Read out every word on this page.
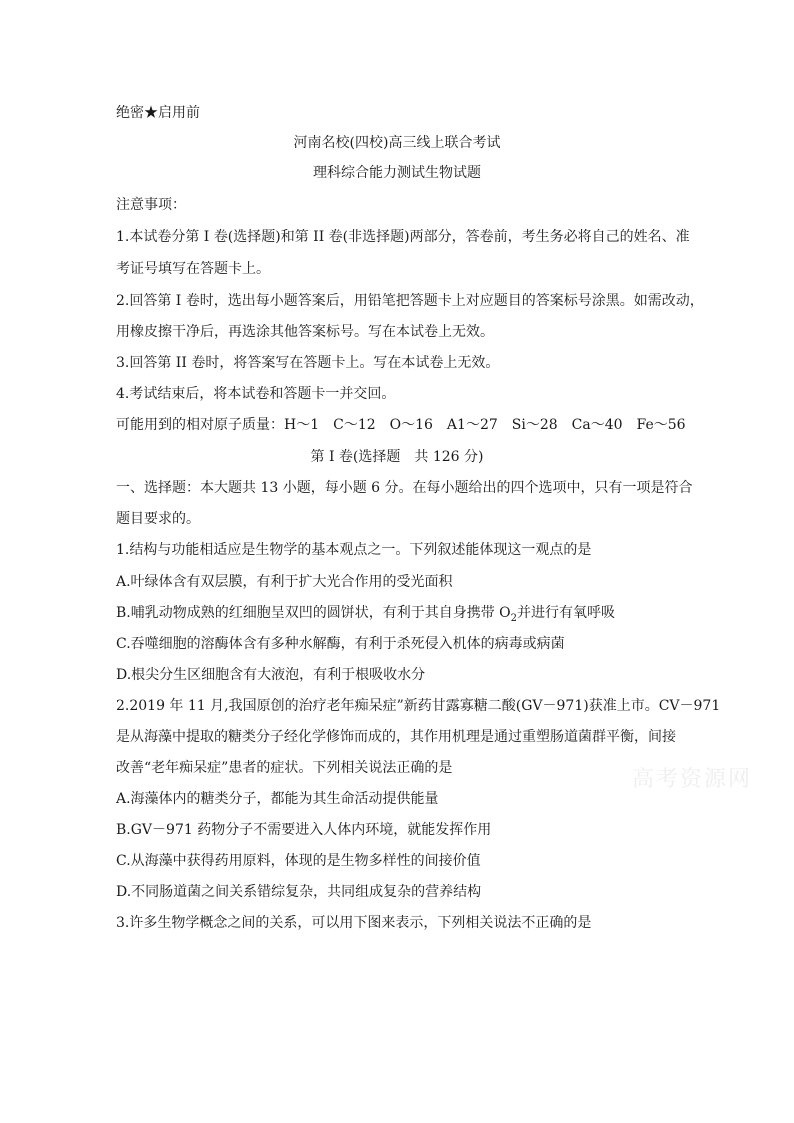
绝密★启用前
河南名校(四校)高三线上联合考试
理科综合能力测试生物试题
注意事项：
1.本试卷分第 I 卷(选择题)和第 II 卷(非选择题)两部分，答卷前，考生务必将自己的姓名、准
考证号填写在答题卡上。
2.回答第 I 卷时，选出每小题答案后，用铅笔把答题卡上对应题目的答案标号涂黑。如需改动，
用橡皮擦干净后，再选涂其他答案标号。写在本试卷上无效。
3.回答第 II 卷时，将答案写在答题卡上。写在本试卷上无效。
4.考试结束后，将本试卷和答题卡一并交回。
可能用到的相对原子质量：H～1　C～12　O～16　A1～27　Si～28　Ca～40　Fe～56
第 I 卷(选择题　共 126 分)
一、选择题：本大题共 13 小题，每小题 6 分。在每小题给出的四个选项中，只有一项是符合
题目要求的。
1.结构与功能相适应是生物学的基本观点之一。下列叙述能体现这一观点的是
A.叶绿体含有双层膜，有利于扩大光合作用的受光面积
B.哺乳动物成熟的红细胞呈双凹的圆饼状，有利于其自身携带 $O_2$并进行有氧呼吸
C.吞噬细胞的溶酶体含有多种水解酶，有利于杀死侵入机体的病毒或病菌
D.根尖分生区细胞含有大液泡，有利于根吸收水分
2.2019 年 11 月,我国原创的治疗老年痴呆症”新药甘露寡糖二酸(GV－971)获准上市。CV－971
是从海藻中提取的糖类分子经化学修饰而成的，其作用机理是通过重塑肠道菌群平衡，间接
改善“老年痴呆症”患者的症状。下列相关说法正确的是
A.海藻体内的糖类分子，都能为其生命活动提供能量
B.GV－971 药物分子不需要进入人体内环境，就能发挥作用
C.从海藻中获得药用原料，体现的是生物多样性的间接价值
D.不同肠道菌之间关系错综复杂，共同组成复杂的营养结构
3.许多生物学概念之间的关系，可以用下图来表示，下列相关说法不正确的是
高考资源网
